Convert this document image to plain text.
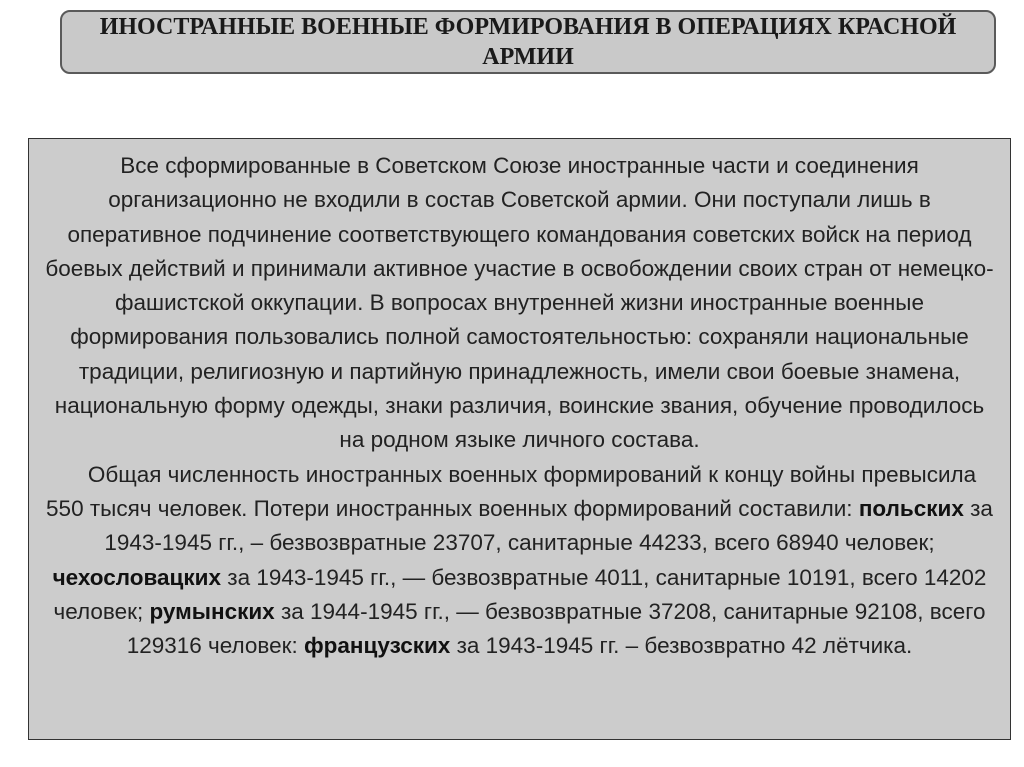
ИНОСТРАННЫЕ ВОЕННЫЕ ФОРМИРОВАНИЯ В ОПЕРАЦИЯХ КРАСНОЙ АРМИИ

Все сформированные в Советском Союзе иностранные части и соединения организационно не входили в состав Советской армии. Они поступали лишь в оперативное подчинение соответствующего командования советских войск на период боевых действий и принимали активное участие в освобождении своих стран от немецко-фашистской оккупации. В вопросах внутренней жизни иностранные военные формирования пользовались полной самостоятельностью: сохраняли национальные традиции, религиозную и партийную принадлежность, имели свои боевые знамена, национальную форму одежды, знаки различия, воинские звания, обучение проводилось на родном языке личного состава.

Общая численность иностранных военных формирований к концу войны превысила 550 тысяч человек. Потери иностранных военных формирований составили: польских за 1943-1945 гг., – безвозвратные 23707, санитарные 44233, всего 68940 человек; чехословацких за 1943-1945 гг., — безвозвратные 4011, санитарные 10191, всего 14202 человек; румынских за 1944-1945 гг., — безвозвратные 37208, санитарные 92108, всего 129316 человек: французских за 1943-1945 гг. – безвозвратно 42 лётчика.
